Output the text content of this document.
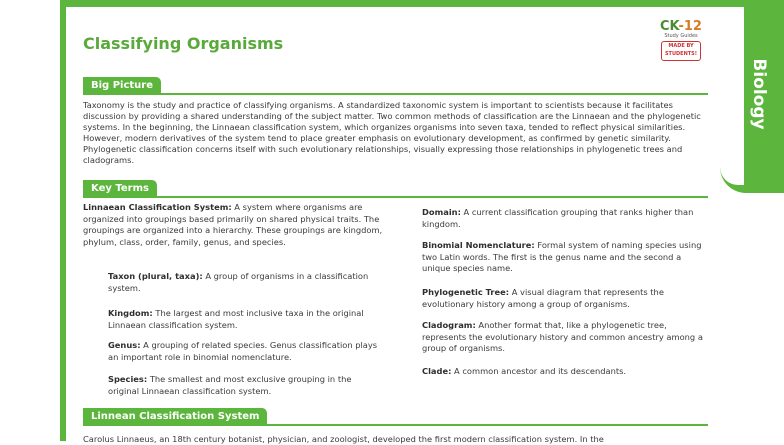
Biology
Classifying Organisms
CK-12
Study Guides
MADE BY STUDENTS!
Big Picture
Taxonomy is the study and practice of classifying organisms. A standardized taxonomic system is important to scientists because it facilitates discussion by providing a shared understanding of the subject matter. Two common methods of classification are the Linnaean and the phylogenetic systems. In the beginning, the Linnaean classification system, which organizes organisms into seven taxa, tended to reflect physical similarities. However, modern derivatives of the system tend to place greater emphasis on evolutionary development, as confirmed by genetic similarity. Phylogenetic classification concerns itself with such evolutionary relationships, visually expressing those relationships in phylogenetic trees and cladograms.
Key Terms
Linnaean Classification System: A system where organisms are organized into groupings based primarily on shared physical traits. The groupings are organized into a hierarchy. These groupings are kingdom, phylum, class, order, family, genus, and species.
Taxon (plural, taxa): A group of organisms in a classification system.
Kingdom: The largest and most inclusive taxa in the original Linnaean classification system.
Genus: A grouping of related species. Genus classification plays an important role in binomial nomenclature.
Species: The smallest and most exclusive grouping in the original Linnaean classification system.
Domain: A current classification grouping that ranks higher than kingdom.
Binomial Nomenclature: Formal system of naming species using two Latin words. The first is the genus name and the second a unique species name.
Phylogenetic Tree: A visual diagram that represents the evolutionary history among a group of organisms.
Cladogram: Another format that, like a phylogenetic tree, represents the evolutionary history and common ancestry among a group of organisms.
Clade: A common ancestor and its descendants.
Linnean Classification System
Carolus Linnaeus, an 18th century botanist, physician, and zoologist, developed the first modern classification system. In the
